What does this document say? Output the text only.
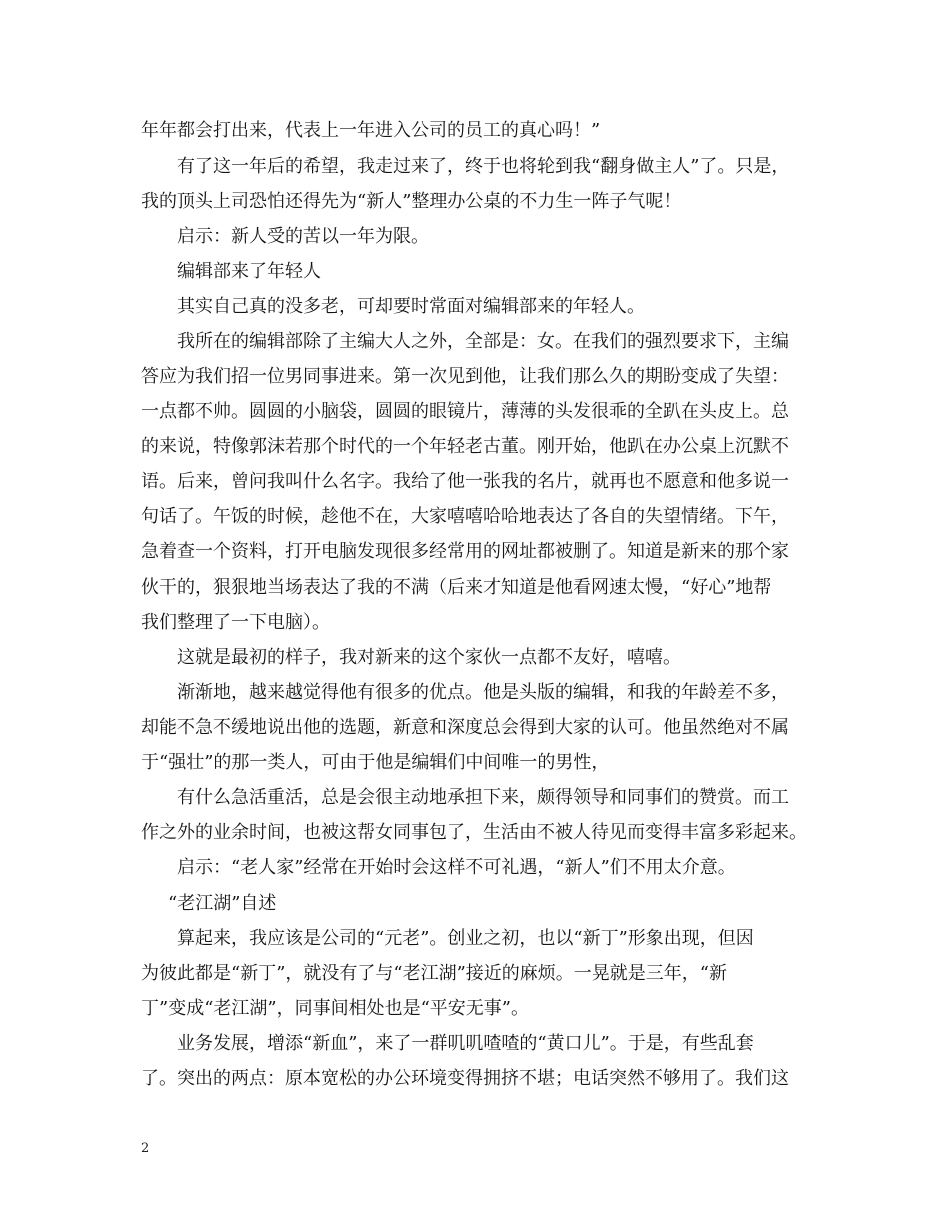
年年都会打出来，代表上一年进入公司的员工的真心吗！”
有了这一年后的希望，我走过来了，终于也将轮到我“翻身做主人”了。只是，
我的顶头上司恐怕还得先为“新人”整理办公桌的不力生一阵子气呢！
启示：新人受的苦以一年为限。
编辑部来了年轻人
其实自己真的没多老，可却要时常面对编辑部来的年轻人。
我所在的编辑部除了主编大人之外，全部是：女。在我们的强烈要求下，主编
答应为我们招一位男同事进来。第一次见到他，让我们那么久的期盼变成了失望：
一点都不帅。圆圆的小脑袋，圆圆的眼镜片，薄薄的头发很乖的全趴在头皮上。总
的来说，特像郭沫若那个时代的一个年轻老古董。刚开始，他趴在办公桌上沉默不
语。后来，曾问我叫什么名字。我给了他一张我的名片，就再也不愿意和他多说一
句话了。午饭的时候，趁他不在，大家嘻嘻哈哈地表达了各自的失望情绪。下午，
急着查一个资料，打开电脑发现很多经常用的网址都被删了。知道是新来的那个家
伙干的，狠狠地当场表达了我的不满（后来才知道是他看网速太慢，“好心”地帮
我们整理了一下电脑）。
这就是最初的样子，我对新来的这个家伙一点都不友好，嘻嘻。
渐渐地，越来越觉得他有很多的优点。他是头版的编辑，和我的年龄差不多，
却能不急不缓地说出他的选题，新意和深度总会得到大家的认可。他虽然绝对不属
于“强壮”的那一类人，可由于他是编辑们中间唯一的男性，
有什么急活重活，总是会很主动地承担下来，颇得领导和同事们的赞赏。而工
作之外的业余时间，也被这帮女同事包了，生活由不被人待见而变得丰富多彩起来。
启示：“老人家”经常在开始时会这样不可礼遇，“新人”们不用太介意。
“老江湖”自述
算起来，我应该是公司的“元老”。创业之初，也以“新丁”形象出现，但因
为彼此都是“新丁”，就没有了与“老江湖”接近的麻烦。一晃就是三年，“新
丁”变成“老江湖”，同事间相处也是“平安无事”。
业务发展，增添“新血”，来了一群叽叽喳喳的“黄口儿”。于是，有些乱套
了。突出的两点：原本宽松的办公环境变得拥挤不堪；电话突然不够用了。我们这
2
